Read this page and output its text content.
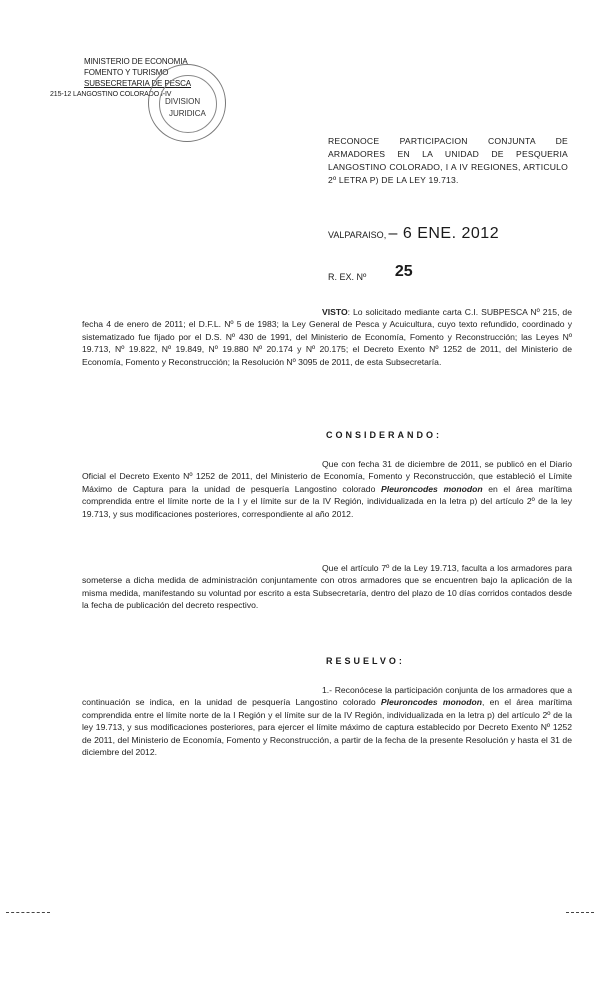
MINISTERIO DE ECONOMIA
FOMENTO Y TURISMO
SUBSECRETARIA DE PESCA
215-12 LANGOSTINO COLORADO I-IV
DIVISION
JURIDICA
RECONOCE PARTICIPACION CONJUNTA DE ARMADORES EN LA UNIDAD DE PESQUERIA LANGOSTINO COLORADO, I A IV REGIONES, ARTICULO 2º LETRA P) DE LA LEY 19.713.
VALPARAISO, – 6 ENE. 2012
R. EX. Nº 25

VISTO: Lo solicitado mediante carta C.I. SUBPESCA Nº 215, de fecha 4 de enero de 2011; el D.F.L. Nº 5 de 1983; la Ley General de Pesca y Acuicultura, cuyo texto refundido, coordinado y sistematizado fue fijado por el D.S. Nº 430 de 1991, del Ministerio de Economía, Fomento y Reconstrucción; las Leyes Nº 19.713, Nº 19.822, Nº 19.849, Nº 19.880 Nº 20.174 y Nº 20.175; el Decreto Exento Nº 1252 de 2011, del Ministerio de Economía, Fomento y Reconstrucción; la Resolución Nº 3095 de 2011, de esta Subsecretaría.

CONSIDERANDO:

Que con fecha 31 de diciembre de 2011, se publicó en el Diario Oficial el Decreto Exento Nº 1252 de 2011, del Ministerio de Economía, Fomento y Reconstrucción, que estableció el Límite Máximo de Captura para la unidad de pesquería Langostino colorado Pleuroncodes monodon en el área marítima comprendida entre el límite norte de la I y el límite sur de la IV Región, individualizada en la letra p) del artículo 2º de la ley 19.713, y sus modificaciones posteriores, correspondiente al año 2012.

Que el artículo 7º de la Ley 19.713, faculta a los armadores para someterse a dicha medida de administración conjuntamente con otros armadores que se encuentren bajo la aplicación de la misma medida, manifestando su voluntad por escrito a esta Subsecretaría, dentro del plazo de 10 días corridos contados desde la fecha de publicación del decreto respectivo.

RESUELVO:

1.- Reconócese la participación conjunta de los armadores que a continuación se indica, en la unidad de pesquería Langostino colorado Pleuroncodes monodon, en el área marítima comprendida entre el límite norte de la I Región y el límite sur de la IV Región, individualizada en la letra p) del artículo 2º de la ley 19.713, y sus modificaciones posteriores, para ejercer el límite máximo de captura establecido por Decreto Exento Nº 1252 de 2011, del Ministerio de Economía, Fomento y Reconstrucción, a partir de la fecha de la presente Resolución y hasta el 31 de diciembre del 2012.
